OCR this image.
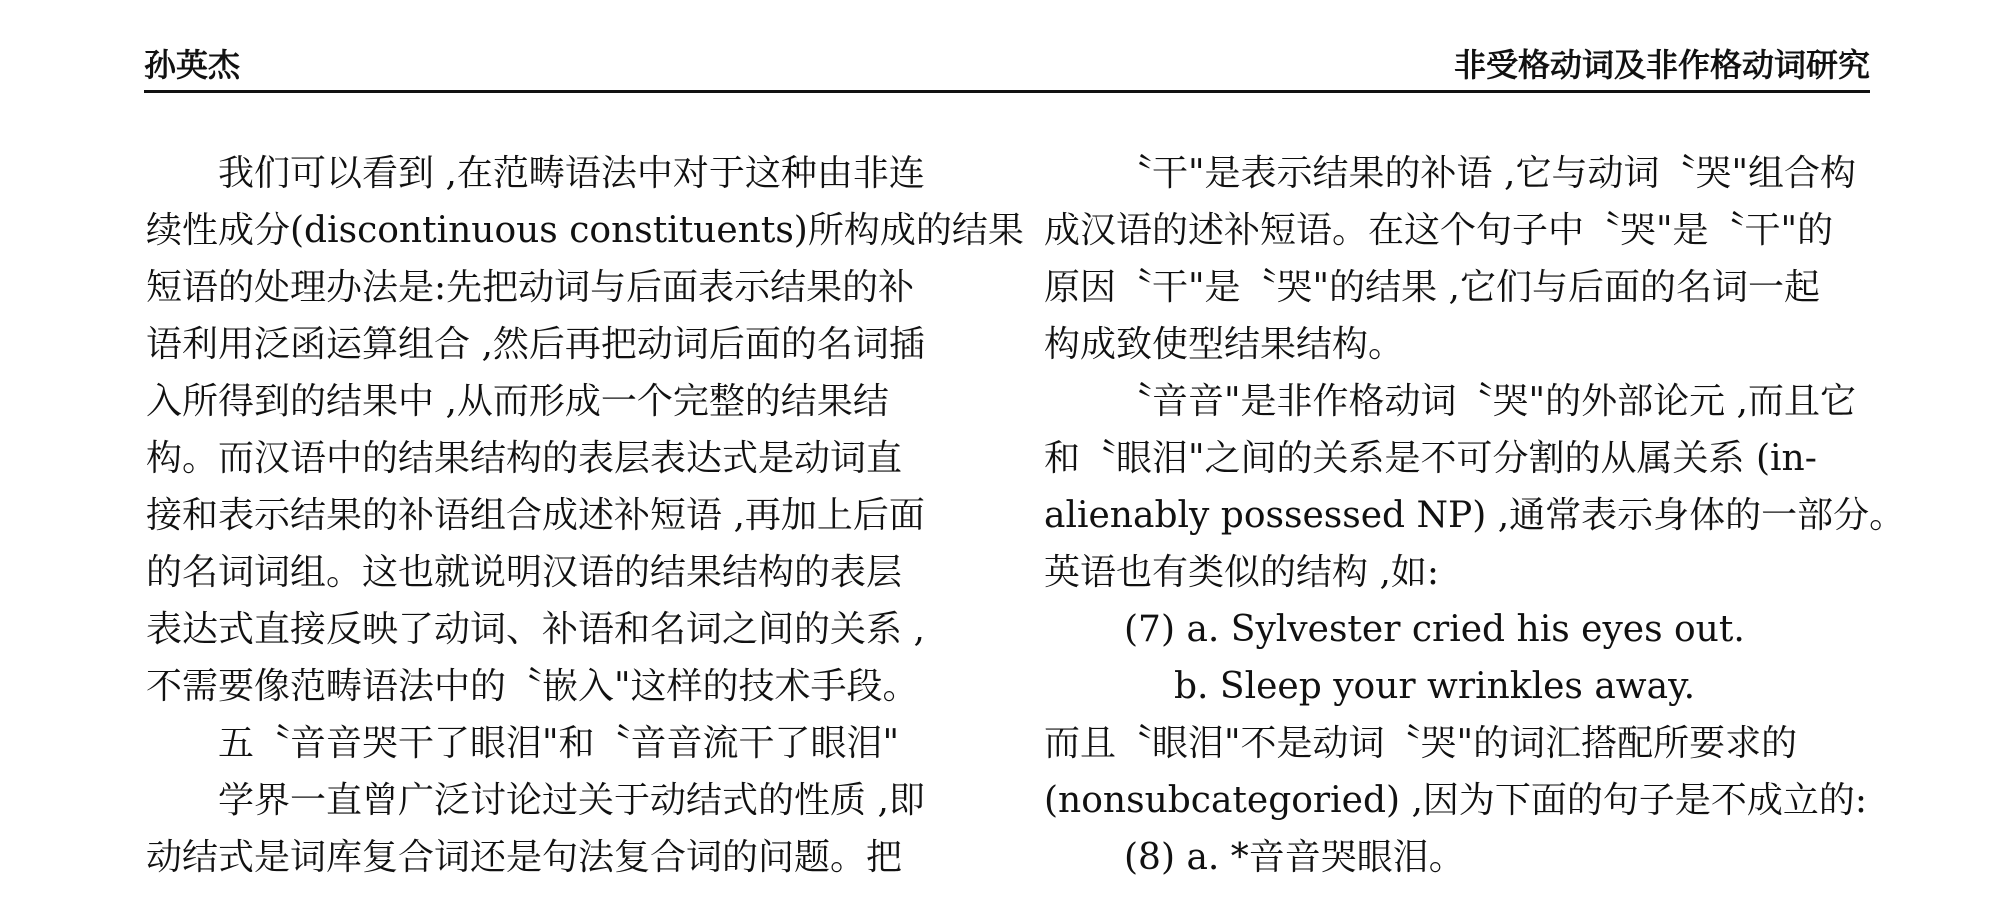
孙英杰	非受格动词及非作格动词研究
我们可以看到 ,在范畴语法中对于这种由非连
续性成分(discontinuous constituents)所构成的结果
短语的处理办法是:先把动词与后面表示结果的补
语利用泛函运算组合 ,然后再把动词后面的名词插
入所得到的结果中 ,从而形成一个完整的结果结
构。而汉语中的结果结构的表层表达式是动词直
接和表示结果的补语组合成述补短语 ,再加上后面
的名词词组。这也就说明汉语的结果结构的表层
表达式直接反映了动词、补语和名词之间的关系 ,
不需要像范畴语法中的〝嵌入"这样的技术手段。
五〝音音哭干了眼泪"和〝音音流干了眼泪"
学界一直曾广泛讨论过关于动结式的性质 ,即
动结式是词库复合词还是句法复合词的问题。把
〝干"是表示结果的补语 ,它与动词〝哭"组合构
成汉语的述补短语。在这个句子中〝哭"是〝干"的
原因〝干"是〝哭"的结果 ,它们与后面的名词一起
构成致使型结果结构。
〝音音"是非作格动词〝哭"的外部论元 ,而且它
和〝眼泪"之间的关系是不可分割的从属关系 (in-
alienably possessed NP) ,通常表示身体的一部分。
英语也有类似的结构 ,如:
(7) a. Sylvester cried his eyes out.
b. Sleep your wrinkles away.
而且〝眼泪"不是动词〝哭"的词汇搭配所要求的
(nonsubcategoried) ,因为下面的句子是不成立的:
(8) a. *音音哭眼泪。
